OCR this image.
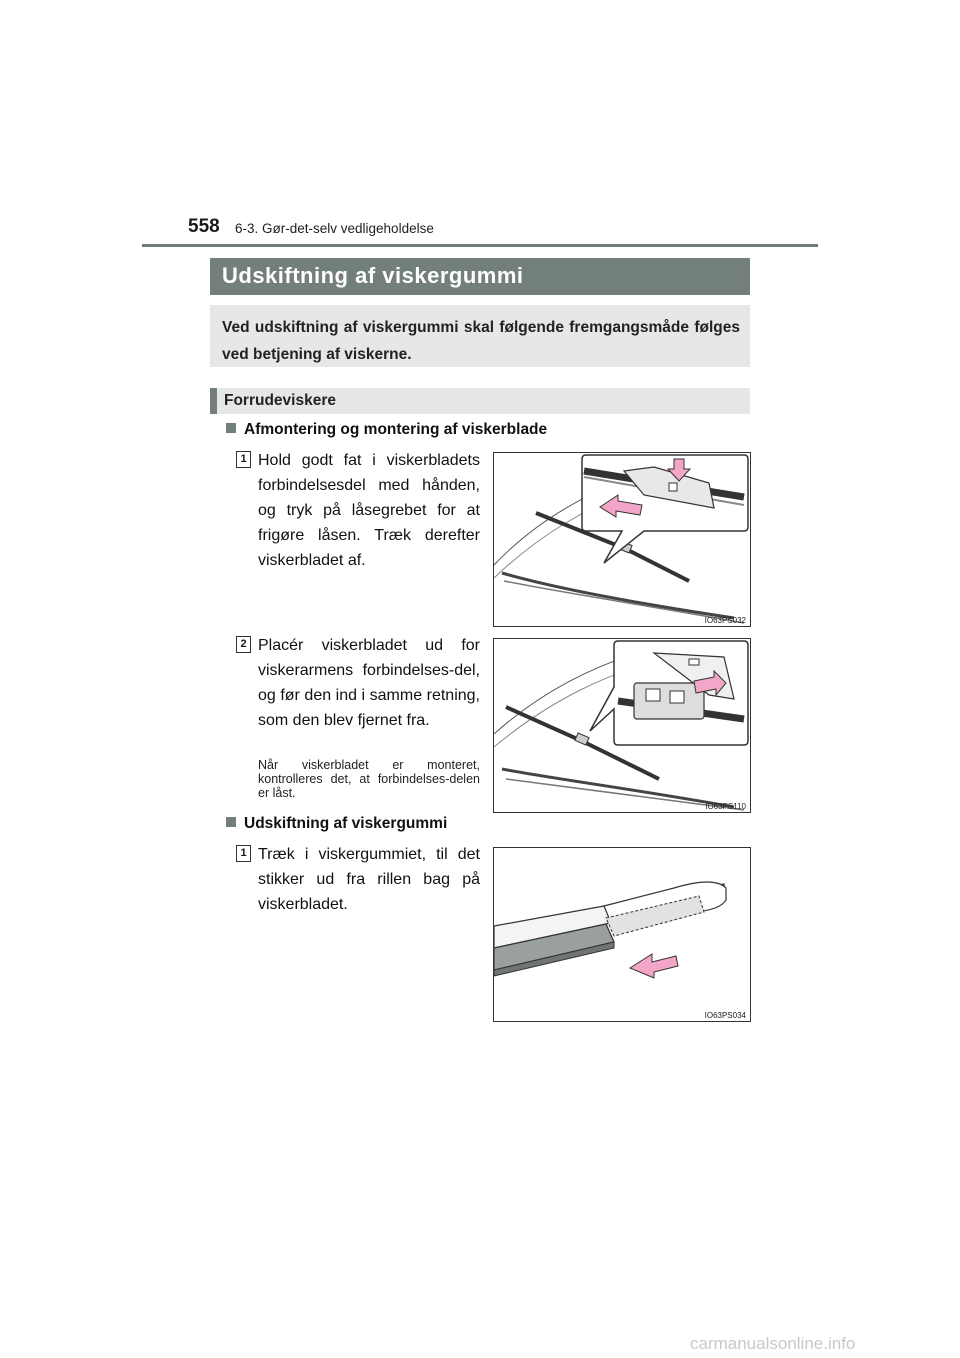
558 6-3. Gør-det-selv vedligeholdelse
Udskiftning af viskergummi
Ved udskiftning af viskergummi skal følgende fremgangsmåde følges ved betjening af viskerne.
Forrudeviskere
Afmontering og montering af viskerblade
1 Hold godt fat i viskerbladets forbindelsesdel med hånden, og tryk på låsegrebet for at frigøre låsen. Træk derefter viskerbladet af.
IO63PS032
2 Placér viskerbladet ud for viskerarmens forbindelses-del, og før den ind i samme retning, som den blev fjernet fra.
Når viskerbladet er monteret, kontrolleres det, at forbindelses-delen er låst.
IO63PS110
Udskiftning af viskergummi
1 Træk i viskergummiet, til det stikker ud fra rillen bag på viskerbladet.
IO63PS034
carmanualsonline.info
